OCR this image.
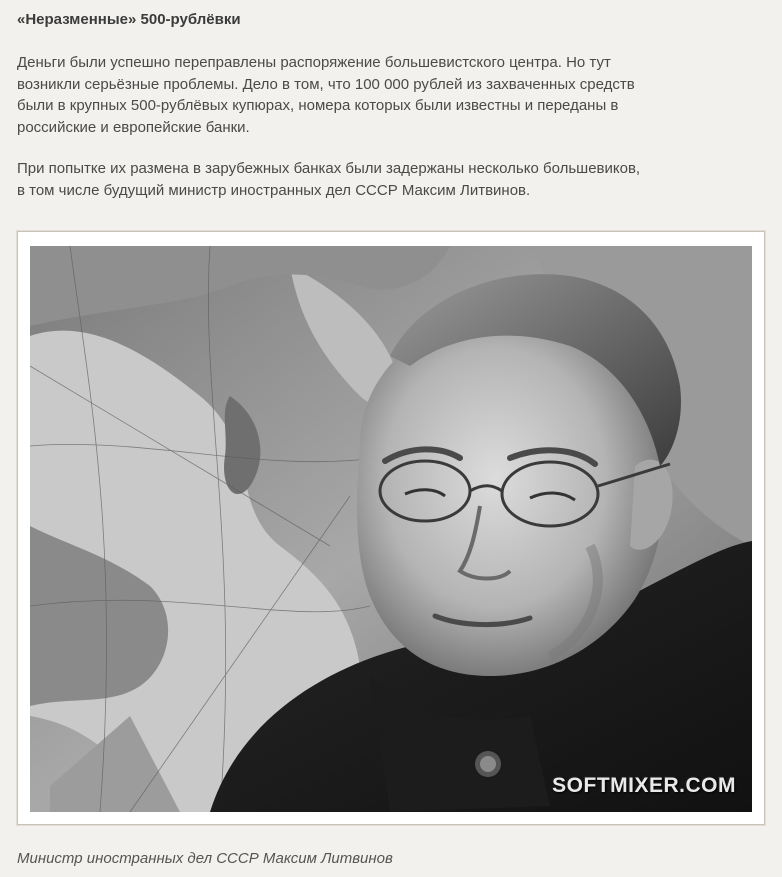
«Неразменные» 500-рублёвки

Деньги были успешно переправлены распоряжение большевистского центра. Но тут
возникли серьёзные проблемы. Дело в том, что 100 000 рублей из захваченных средств
были в крупных 500-рублёвых купюрах, номера которых были известны и переданы в
российские и европейские банки.

При попытке их размена в зарубежных банках были задержаны несколько большевиков,
в том числе будущий министр иностранных дел СССР Максим Литвинов.

SOFTMIXER.COM
Министр иностранных дел СССР Максим Литвинов
